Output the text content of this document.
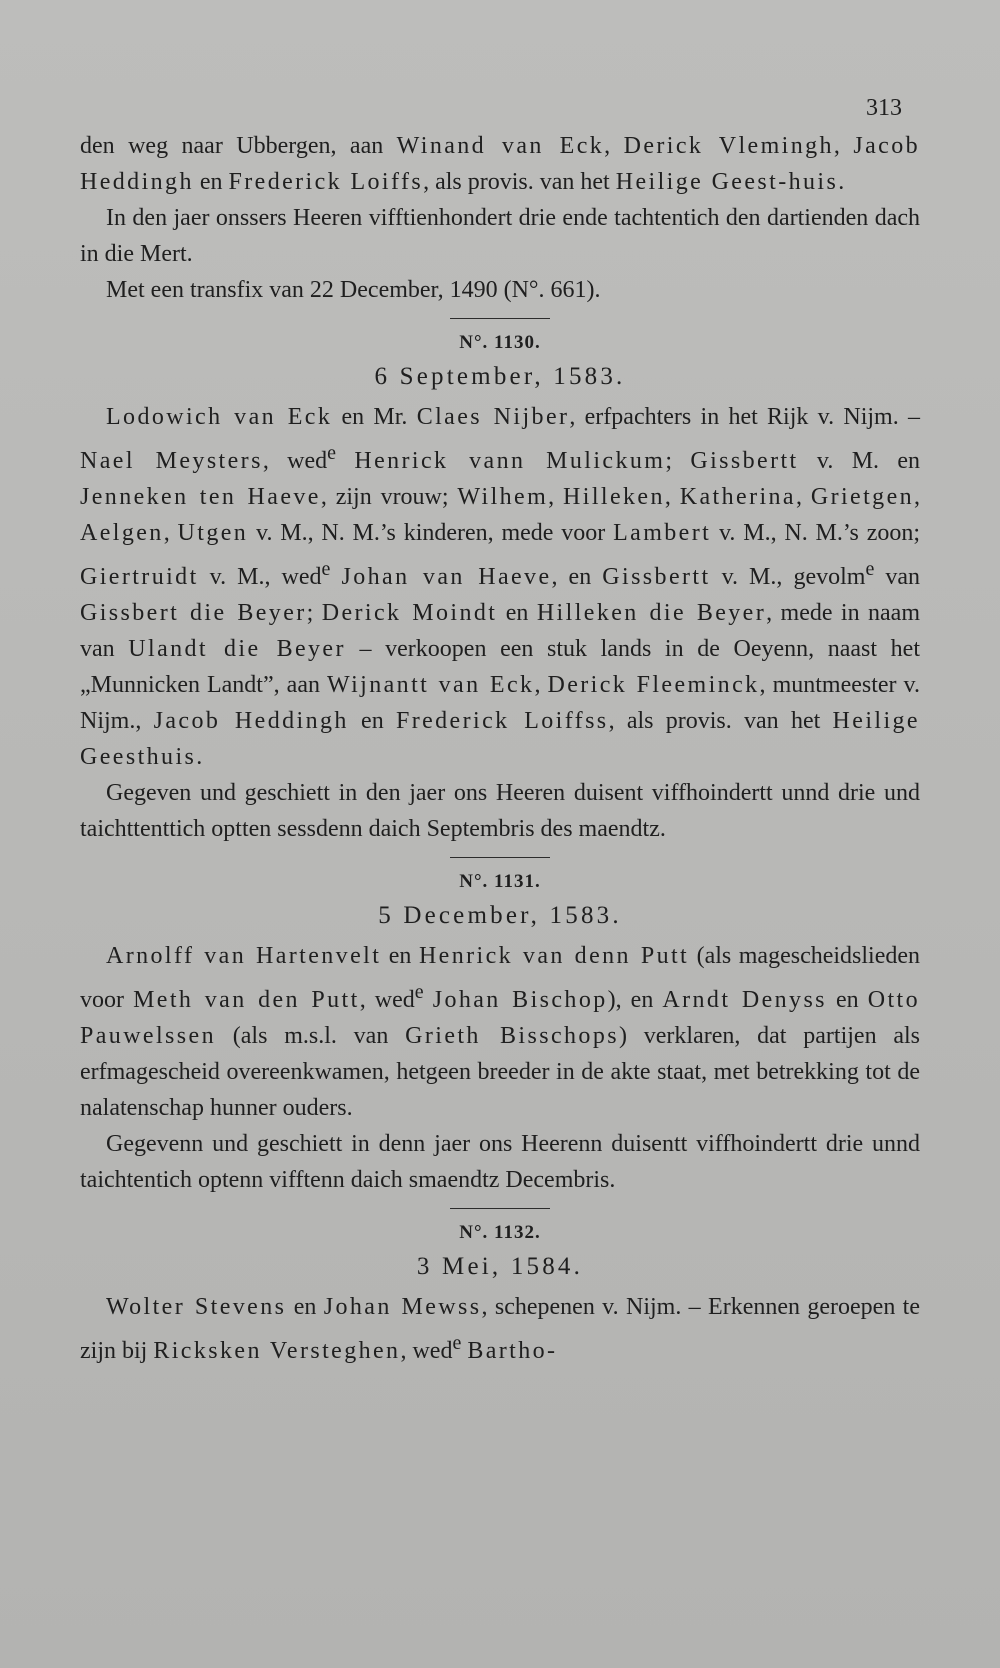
313

den weg naar Ubbergen, aan Winand van Eck, Derick Vlemingh, Jacob Heddingh en Frederick Loiffs, als provis. van het Heilige Geest-huis.

In den jaer onssers Heeren vifftienhondert drie ende tachtentich den dartienden dach in die Mert.

Met een transfix van 22 December, 1490 (N°. 661).

N°. 1130.
6 September, 1583.

Lodowich van Eck en Mr. Claes Nijber, erfpachters in het Rijk v. Nijm. – Nael Meysters, wed$^e$ Henrick vann Mulickum; Gissbertt v. M. en Jenneken ten Haeve, zijn vrouw; Wilhem, Hilleken, Katherina, Grietgen, Aelgen, Utgen v. M., N. M.’s kinderen, mede voor Lambert v. M., N. M.’s zoon; Giertruidt v. M., wed$^e$ Johan van Haeve, en Gissbertt v. M., gevolm$^e$ van Gissbert die Beyer; Derick Moindt en Hilleken die Beyer, mede in naam van Ulandt die Beyer – verkoopen een stuk lands in de Oeyenn, naast het „Munnicken Landt”, aan Wijnantt van Eck, Derick Fleeminck, muntmeester v. Nijm., Jacob Heddingh en Frederick Loiffss, als provis. van het Heilige Geesthuis.

Gegeven und geschiett in den jaer ons Heeren duisent viffhoindertt unnd drie und taichttenttich optten sessdenn daich Septembris des maendtz.

N°. 1131.
5 December, 1583.

Arnolff van Hartenvelt en Henrick van denn Putt (als magescheidslieden voor Meth van den Putt, wed$^e$ Johan Bischop), en Arndt Denyss en Otto Pauwelssen (als m.s.l. van Grieth Bisschops) verklaren, dat partijen als erfmagescheid overeenkwamen, hetgeen breeder in de akte staat, met betrekking tot de nalatenschap hunner ouders.

Gegevenn und geschiett in denn jaer ons Heerenn duisentt viffhoindertt drie unnd taichtentich optenn vifftenn daich smaendtz Decembris.

N°. 1132.
3 Mei, 1584.

Wolter Stevens en Johan Mewss, schepenen v. Nijm. – Erkennen geroepen te zijn bij Ricksken Versteghen, wed$^e$ Bartho-
